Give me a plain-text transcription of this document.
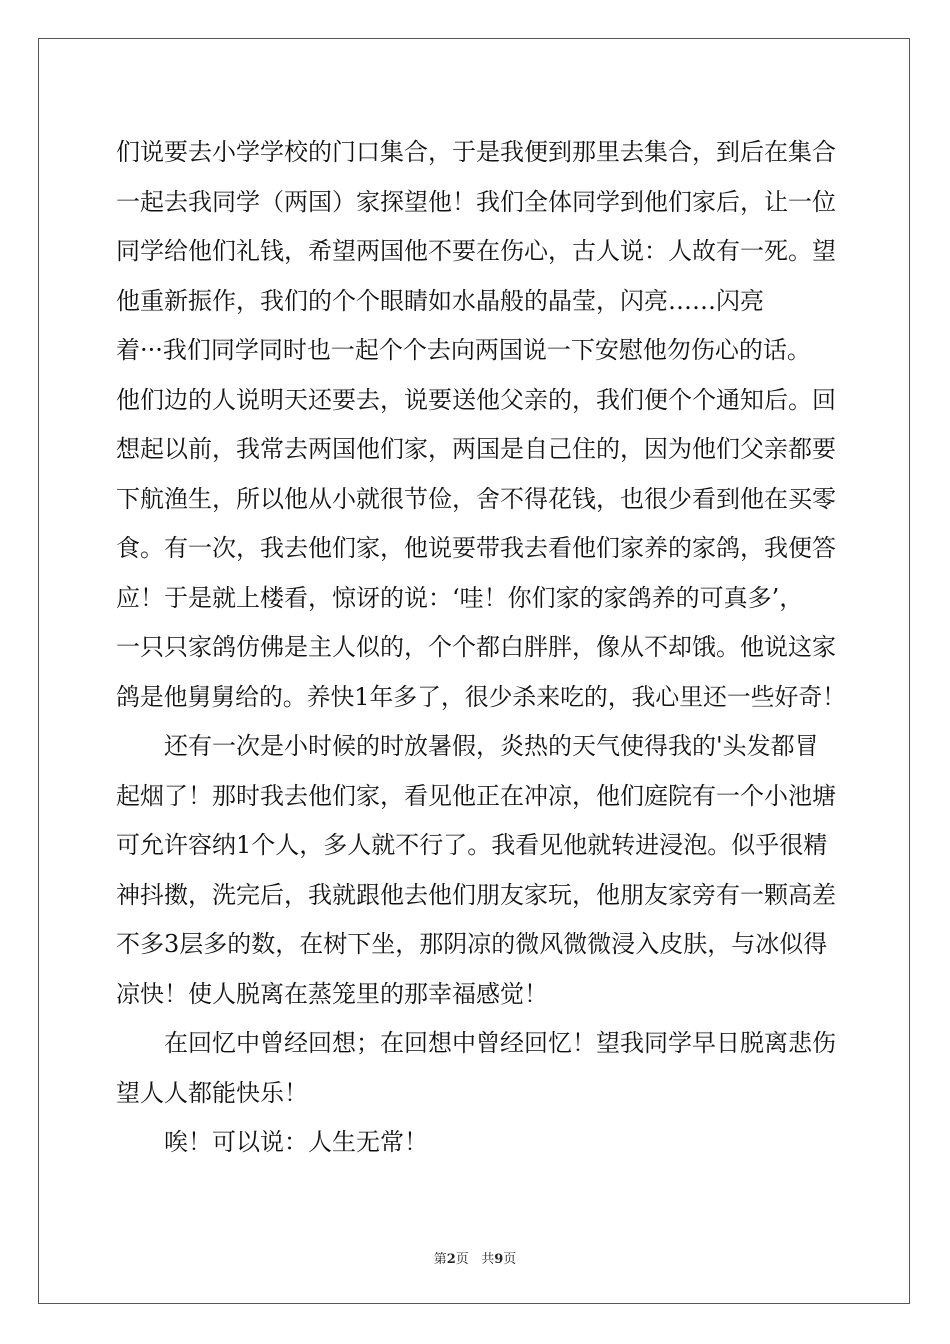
们说要去小学学校的门口集合，于是我便到那里去集合，到后在集合
一起去我同学（两国）家探望他！我们全体同学到他们家后，让一位
同学给他们礼钱，希望两国他不要在伤心，古人说：人故有一死。望
他重新振作，我们的个个眼睛如水晶般的晶莹，闪亮……闪亮
着···我们同学同时也一起个个去向两国说一下安慰他勿伤心的话。
他们边的人说明天还要去，说要送他父亲的，我们便个个通知后。回
想起以前，我常去两国他们家，两国是自己住的，因为他们父亲都要
下航渔生，所以他从小就很节俭，舍不得花钱，也很少看到他在买零
食。有一次，我去他们家，他说要带我去看他们家养的家鸽，我便答
应！于是就上楼看，惊讶的说：‘哇！你们家的家鸽养的可真多’，
一只只家鸽仿佛是主人似的，个个都白胖胖，像从不却饿。他说这家
鸽是他舅舅给的。养快1年多了，很少杀来吃的，我心里还一些好奇！
还有一次是小时候的时放暑假，炎热的天气使得我的'头发都冒
起烟了！那时我去他们家，看见他正在冲凉，他们庭院有一个小池塘
可允许容纳1个人，多人就不行了。我看见他就转进浸泡。似乎很精
神抖擞，洗完后，我就跟他去他们朋友家玩，他朋友家旁有一颗高差
不多3层多的数，在树下坐，那阴凉的微风微微浸入皮肤，与冰似得
凉快！使人脱离在蒸笼里的那幸福感觉！
在回忆中曾经回想；在回想中曾经回忆！望我同学早日脱离悲伤
望人人都能快乐！
唉！可以说：人生无常！
第2页 共9页
